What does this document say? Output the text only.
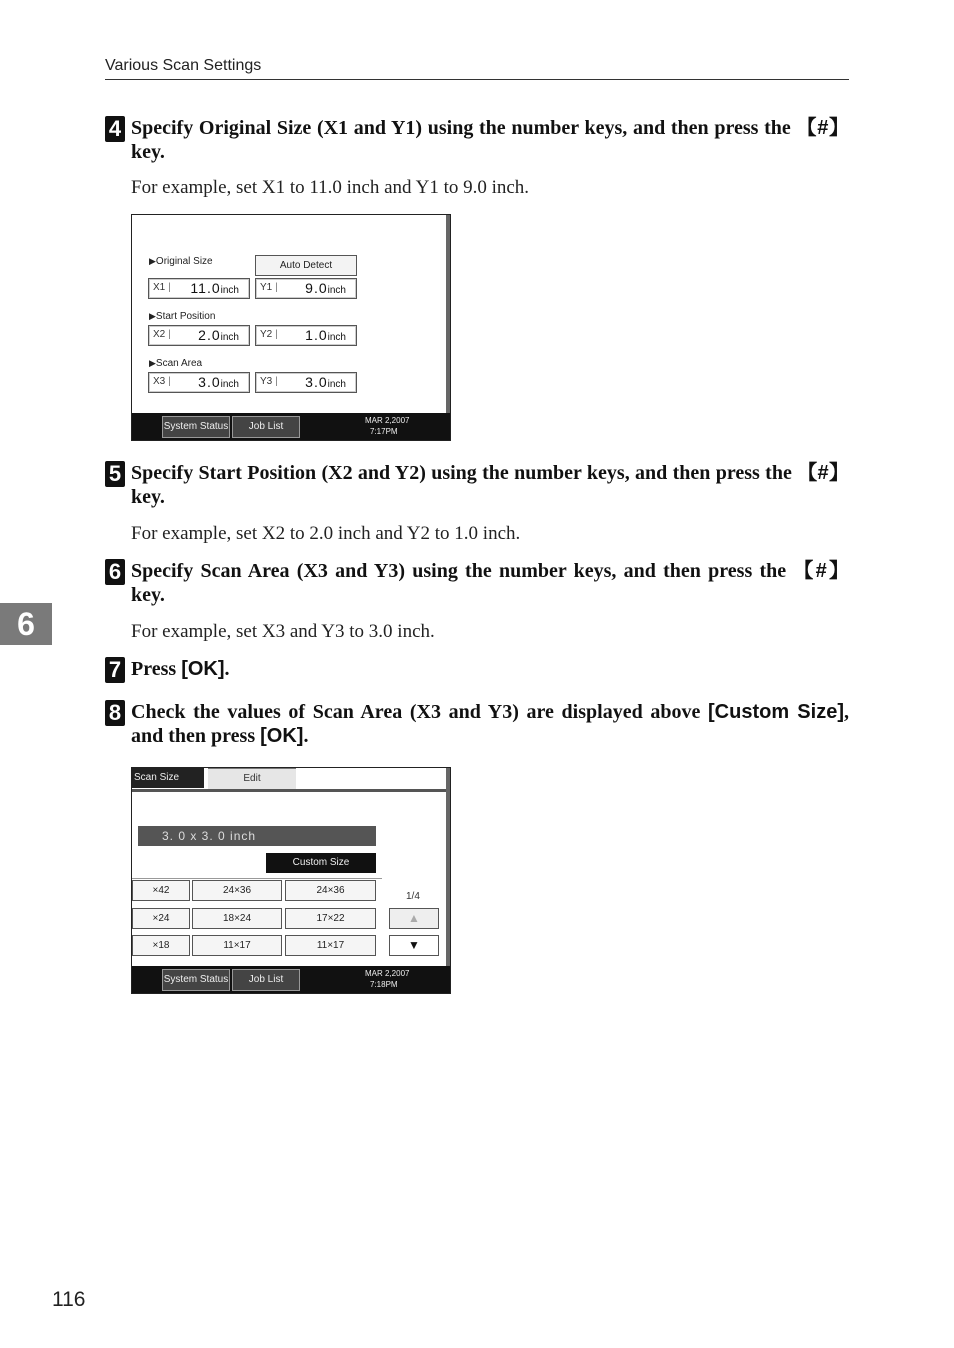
Various Scan Settings
6
4 Specify Original Size (X1 and Y1) using the number keys, and then press the 【#】 key.
For example, set X1 to 11.0 inch and Y1 to 9.0 inch.
▶ Original Size	Auto Detect
X1 |	11.0inch Y1 |	9.0inch
▶ Start Position
X2 |	2.0inch Y2 |	1.0inch
▶ Scan Area
X3 |	3.0inch Y3 |	3.0inch
System Status	Job List
MAR 2,2007
7:17PM
5 Specify Start Position (X2 and Y2) using the number keys, and then press the 【#】 key.
For example, set X2 to 2.0 inch and Y2 to 1.0 inch.
6 Specify Scan Area (X3 and Y3) using the number keys, and then press the 【#】 key.
For example, set X3 and Y3 to 3.0 inch.
7 Press [OK].
8 Check the values of Scan Area (X3 and Y3) are displayed above [Custom Size], and then press [OK].
Scan Size	Edit
3. 0 x 3. 0 inch
Custom Size
×42	24×36	24×36
×24	18×24	17×22
×18	11×17	11×17
1/4
▲
▼
System Status	Job List
MAR 2,2007
7:18PM
116
